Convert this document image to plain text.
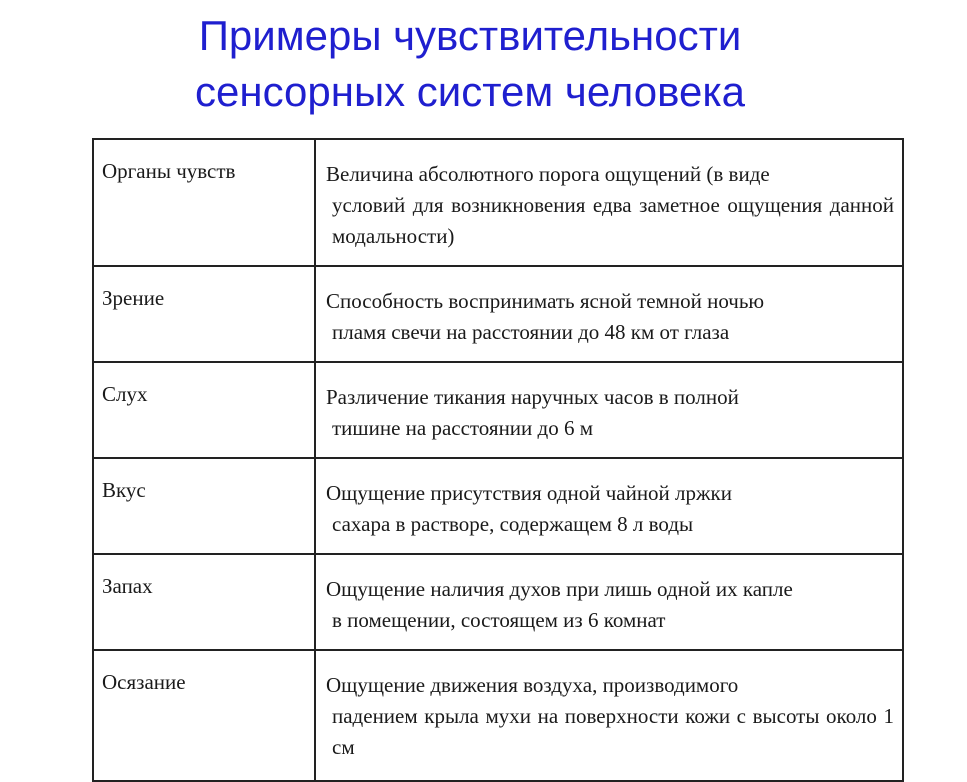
Примеры чувствительности
сенсорных систем человека
Органы чувств	Величина абсолютного порога ощущений (в виде
условий для возникновения едва заметное ощущения данной модальности)

Зрение	Способность воспринимать ясной темной ночью
пламя свечи на расстоянии до 48 км от глаза

Слух	Различение тикания наручных часов в полной
тишине на расстоянии до 6 м

Вкус	Ощущение присутствия одной чайной лржки
сахара в растворе, содержащем 8 л воды

Запах	Ощущение наличия духов при лишь одной их капле
в помещении, состоящем из 6 комнат

Осязание	Ощущение движения воздуха, производимого
падением крыла мухи на поверхности кожи с высоты около 1 см
